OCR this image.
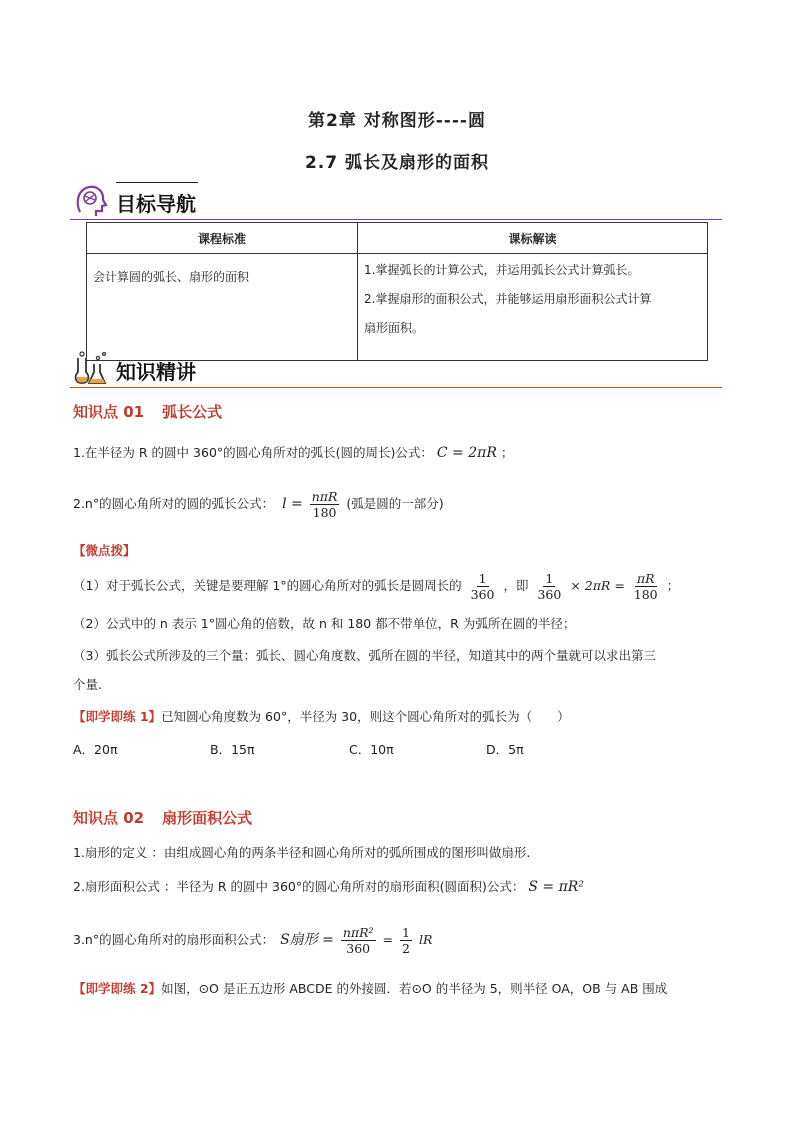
第2章 对称图形----圆
2.7 弧长及扇形的面积
目标导航
课程标准	课标解读
会计算圆的弧长、扇形的面积	1.掌握弧长的计算公式，并运用弧长公式计算弧长。
2.掌握扇形的面积公式，并能够运用扇形面积公式计算
扇形面积。
知识精讲
知识点 01 弧长公式
1.在半径为 R 的圆中 360°的圆心角所对的弧长(圆的周长)公式： C = 2πR ；
2.n°的圆心角所对的圆的弧长公式： $l = \frac{\text{nπR}}{180}$ (弧是圆的一部分)
【微点拨】
（1）对于弧长公式，关键是要理解 1°的圆心角所对的弧长是圆周长的 $\frac{1}{360}$ ，即 $\frac{1}{360} \times 2\pi R = \frac{\pi R}{180}$ ；
（2）公式中的 n 表示 1°圆心角的倍数，故 n 和 180 都不带单位，R 为弧所在圆的半径；
（3）弧长公式所涉及的三个量：弧长、圆心角度数、弧所在圆的半径，知道其中的两个量就可以求出第三
个量.
【即学即练 1】已知圆心角度数为 60°，半径为 30，则这个圆心角所对的弧长为（　　）
A．20π	B．15π	C．10π	D．5π
知识点 02 扇形面积公式
1.扇形的定义 ：由组成圆心角的两条半径和圆心角所对的弧所围成的图形叫做扇形.
2.扇形面积公式 ：半径为 R 的圆中 360°的圆心角所对的扇形面积(圆面积)公式： S = πR²
3.n°的圆心角所对的扇形面积公式： S扇形 = $\frac{\text{nπR²}}{360} = \frac{1}{2}$ lR
【即学即练 2】如图，⊙O 是正五边形 ABCDE 的外接圆．若⊙O 的半径为 5，则半径 OA，OB 与 AB 围成
